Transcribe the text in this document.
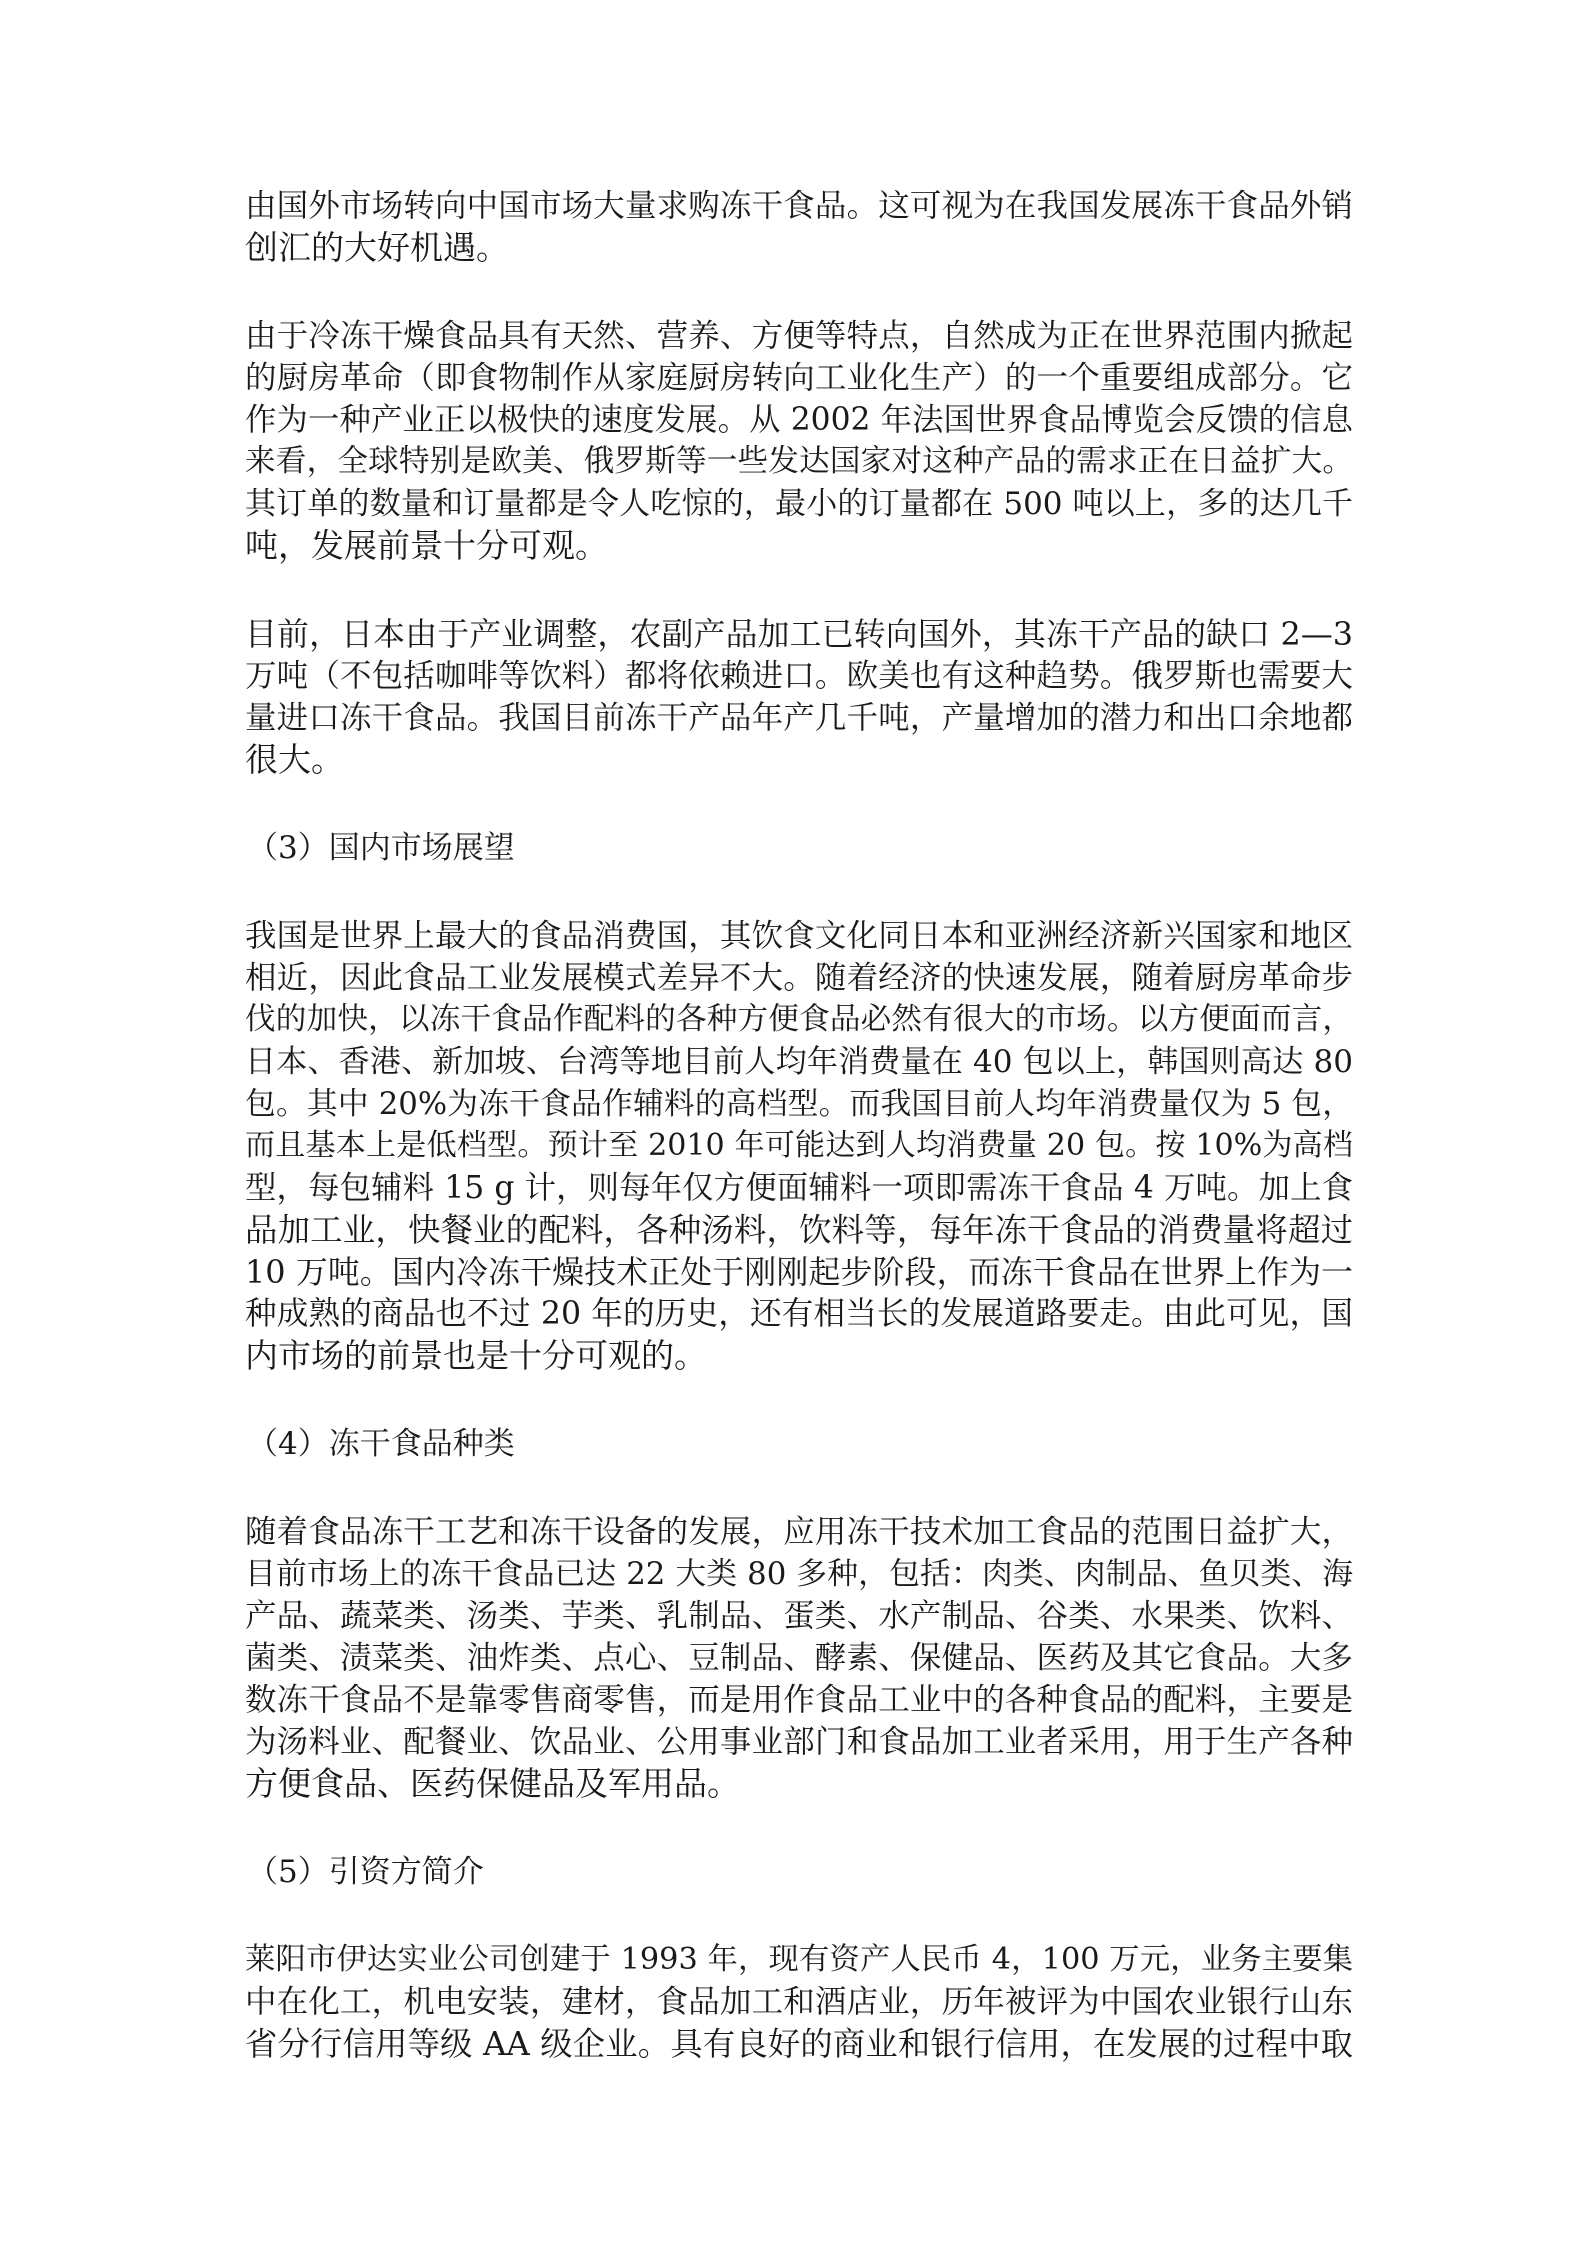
由国外市场转向中国市场大量求购冻干食品。这可视为在我国发展冻干食品外销
创汇的大好机遇。
由于冷冻干燥食品具有天然、营养、方便等特点，自然成为正在世界范围内掀起
的厨房革命（即食物制作从家庭厨房转向工业化生产）的一个重要组成部分。它
作为一种产业正以极快的速度发展。从 2002 年法国世界食品博览会反馈的信息
来看，全球特别是欧美、俄罗斯等一些发达国家对这种产品的需求正在日益扩大。
其订单的数量和订量都是令人吃惊的，最小的订量都在 500 吨以上，多的达几千
吨，发展前景十分可观。
目前，日本由于产业调整，农副产品加工已转向国外，其冻干产品的缺口 2—3
万吨（不包括咖啡等饮料）都将依赖进口。欧美也有这种趋势。俄罗斯也需要大
量进口冻干食品。我国目前冻干产品年产几千吨，产量增加的潜力和出口余地都
很大。
（3）国内市场展望
我国是世界上最大的食品消费国，其饮食文化同日本和亚洲经济新兴国家和地区
相近，因此食品工业发展模式差异不大。随着经济的快速发展，随着厨房革命步
伐的加快，以冻干食品作配料的各种方便食品必然有很大的市场。以方便面而言，
日本、香港、新加坡、台湾等地目前人均年消费量在 40 包以上，韩国则高达 80
包。其中 20%为冻干食品作辅料的高档型。而我国目前人均年消费量仅为 5 包，
而且基本上是低档型。预计至 2010 年可能达到人均消费量 20 包。按 10%为高档
型，每包辅料 15 g 计，则每年仅方便面辅料一项即需冻干食品 4 万吨。加上食
品加工业，快餐业的配料，各种汤料，饮料等，每年冻干食品的消费量将超过
10 万吨。国内冷冻干燥技术正处于刚刚起步阶段，而冻干食品在世界上作为一
种成熟的商品也不过 20 年的历史，还有相当长的发展道路要走。由此可见，国
内市场的前景也是十分可观的。
（4）冻干食品种类
随着食品冻干工艺和冻干设备的发展，应用冻干技术加工食品的范围日益扩大，
目前市场上的冻干食品已达 22 大类 80 多种，包括：肉类、肉制品、鱼贝类、海
产品、蔬菜类、汤类、芋类、乳制品、蛋类、水产制品、谷类、水果类、饮料、
菌类、渍菜类、油炸类、点心、豆制品、酵素、保健品、医药及其它食品。大多
数冻干食品不是靠零售商零售，而是用作食品工业中的各种食品的配料，主要是
为汤料业、配餐业、饮品业、公用事业部门和食品加工业者采用，用于生产各种
方便食品、医药保健品及军用品。
（5）引资方简介
莱阳市伊达实业公司创建于 1993 年，现有资产人民币 4，100 万元，业务主要集
中在化工，机电安装，建材，食品加工和酒店业，历年被评为中国农业银行山东
省分行信用等级 AA 级企业。具有良好的商业和银行信用，在发展的过程中取
